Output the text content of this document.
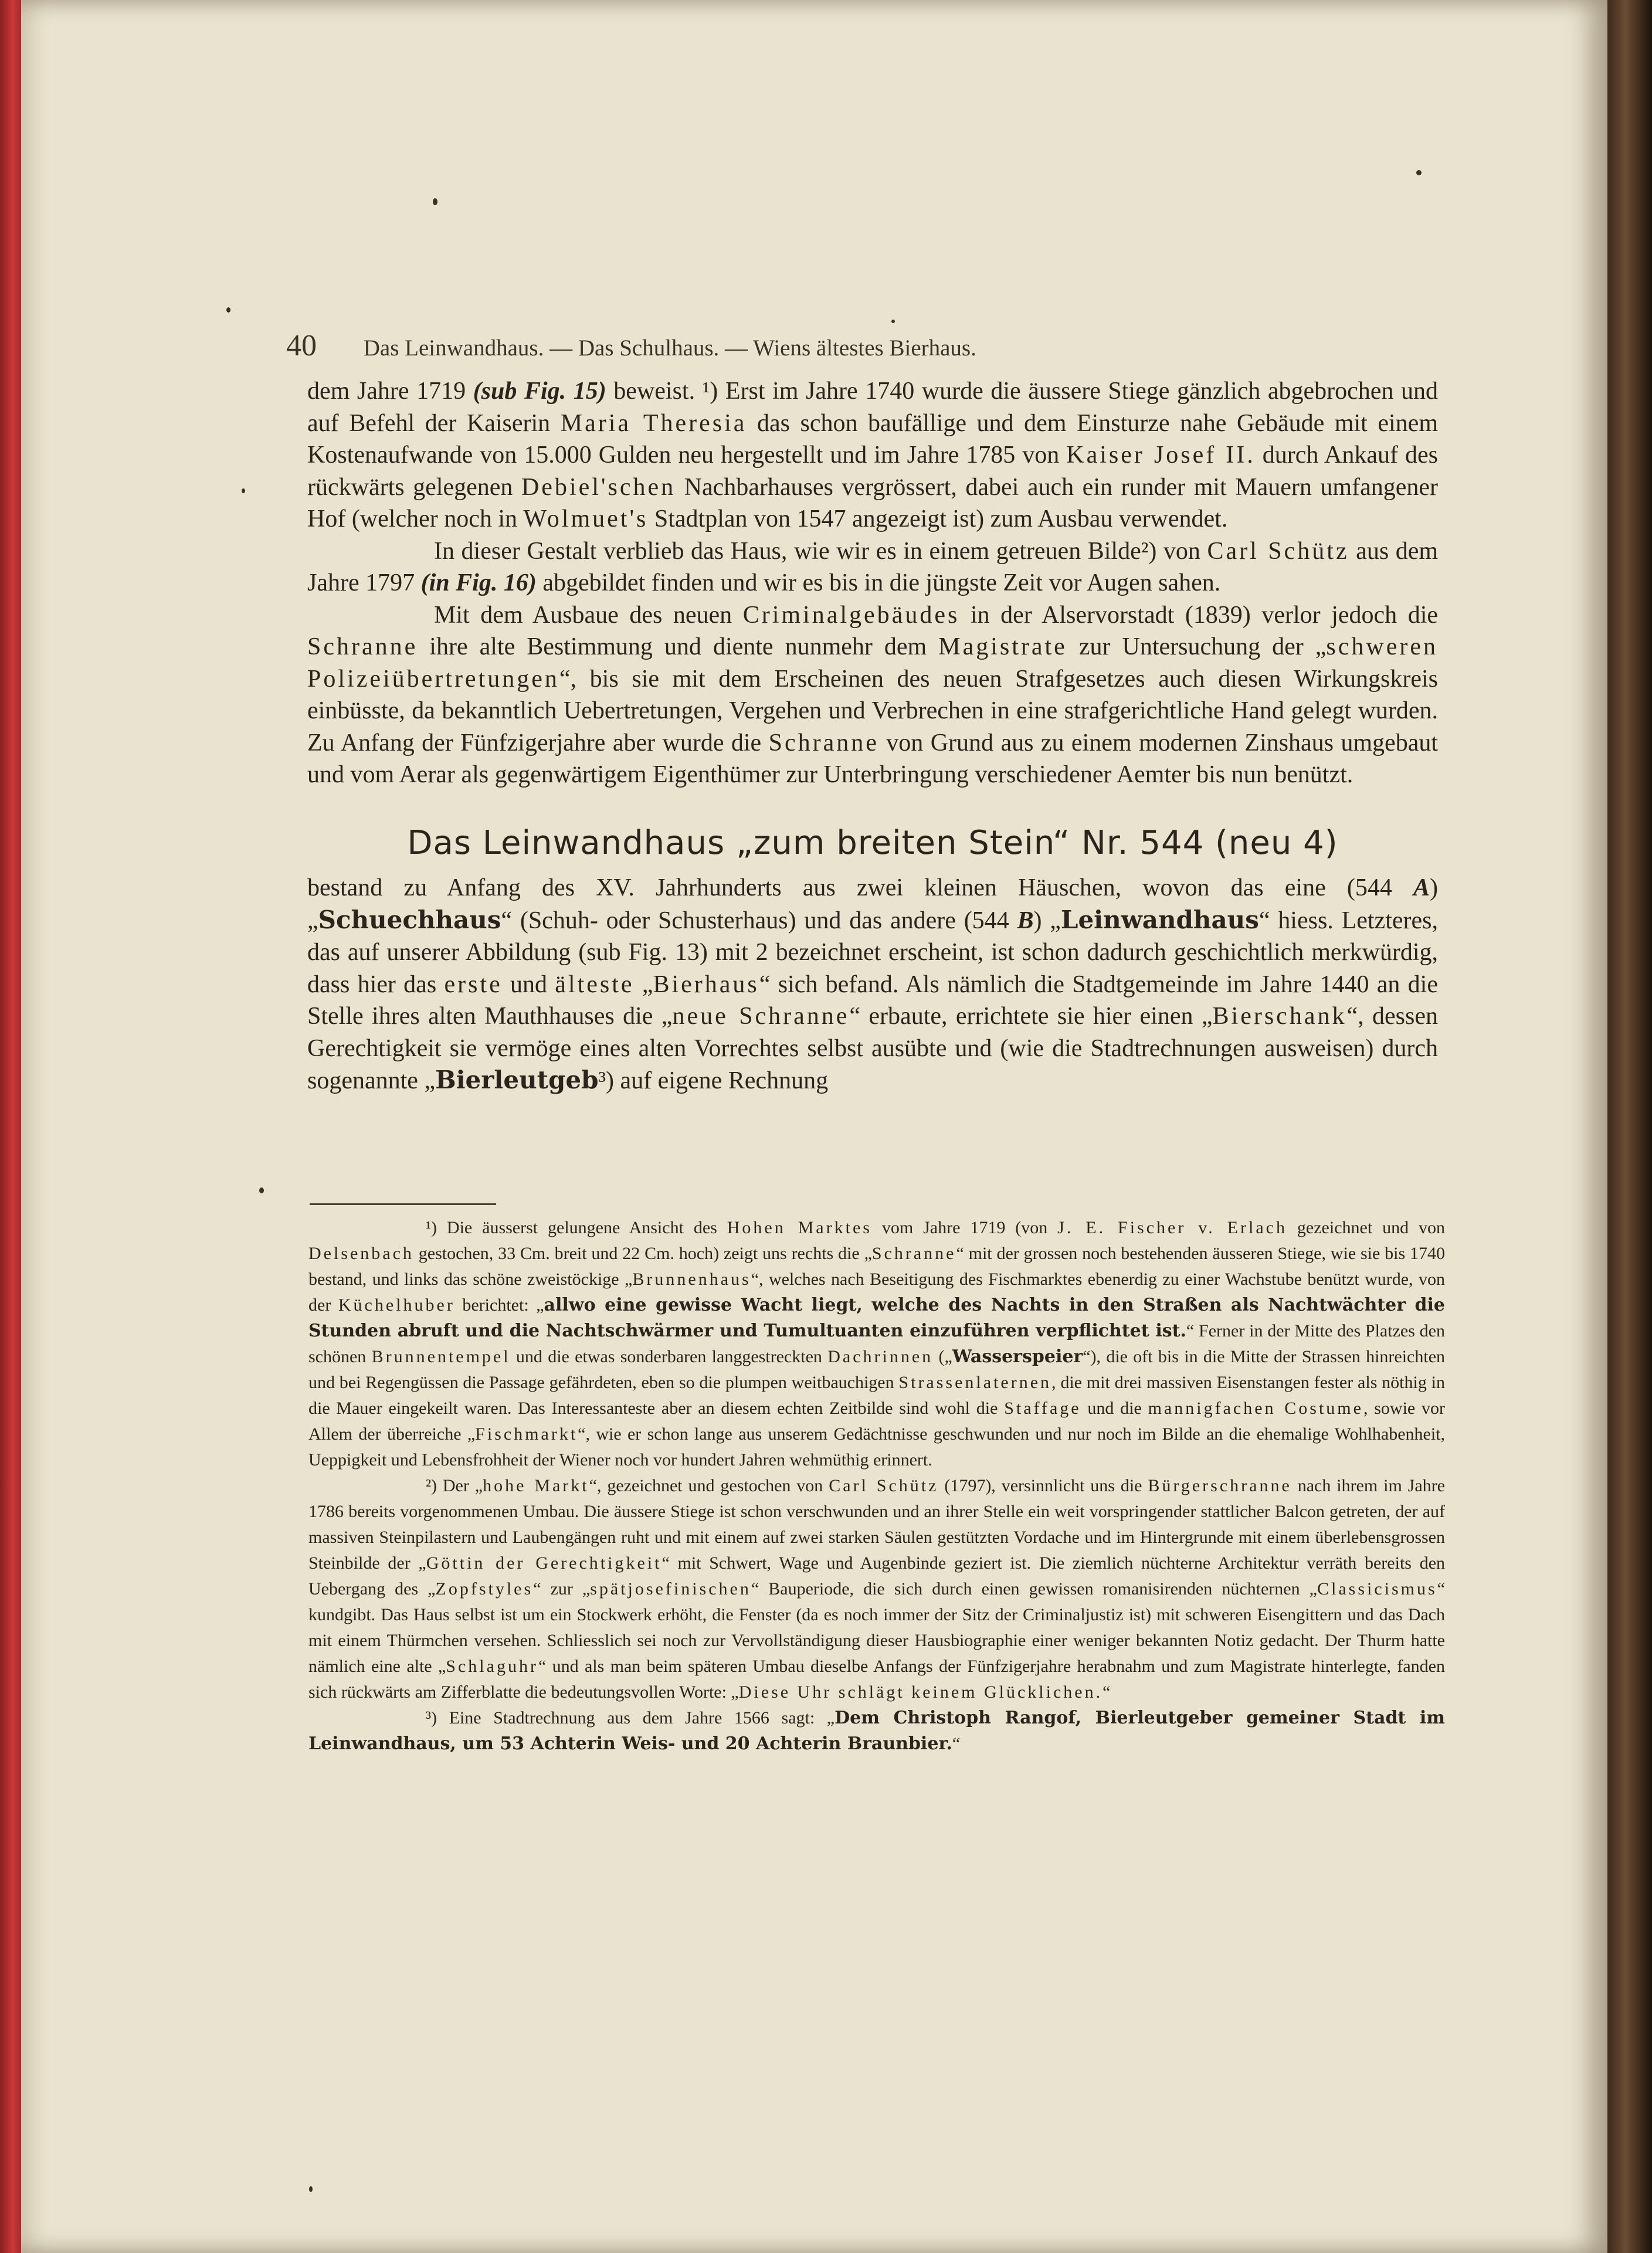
40 Das Leinwandhaus. — Das Schulhaus. — Wiens ältestes Bierhaus.

dem Jahre 1719 (sub Fig. 15) beweist. ¹) Erst im Jahre 1740 wurde die äussere Stiege gänzlich abgebrochen und auf Befehl der Kaiserin Maria Theresia das schon baufällige und dem Einsturze nahe Gebäude mit einem Kostenaufwande von 15.000 Gulden neu hergestellt und im Jahre 1785 von Kaiser Josef II. durch Ankauf des rückwärts gelegenen Debiel'schen Nachbarhauses vergrössert, dabei auch ein runder mit Mauern umfangener Hof (welcher noch in Wolmuet's Stadtplan von 1547 angezeigt ist) zum Ausbau verwendet.

In dieser Gestalt verblieb das Haus, wie wir es in einem getreuen Bilde²) von Carl Schütz aus dem Jahre 1797 (in Fig. 16) abgebildet finden und wir es bis in die jüngste Zeit vor Augen sahen.

Mit dem Ausbaue des neuen Criminalgebäudes in der Alservorstadt (1839) verlor jedoch die Schranne ihre alte Bestimmung und diente nunmehr dem Magistrate zur Untersuchung der „schweren Polizeiübertretungen“, bis sie mit dem Erscheinen des neuen Strafgesetzes auch diesen Wirkungskreis einbüsste, da bekanntlich Uebertretungen, Vergehen und Verbrechen in eine strafgerichtliche Hand gelegt wurden. Zu Anfang der Fünfzigerjahre aber wurde die Schranne von Grund aus zu einem modernen Zinshaus umgebaut und vom Aerar als gegenwärtigem Eigenthümer zur Unterbringung verschiedener Aemter bis nun benützt.

Das Leinwandhaus „zum breiten Stein“ Nr. 544 (neu 4)

bestand zu Anfang des XV. Jahrhunderts aus zwei kleinen Häuschen, wovon das eine (544 A) „Schuechhaus“ (Schuh- oder Schusterhaus) und das andere (544 B) „Leinwandhaus“ hiess. Letzteres, das auf unserer Abbildung (sub Fig. 13) mit 2 bezeichnet erscheint, ist schon dadurch geschichtlich merkwürdig, dass hier das erste und älteste „Bierhaus“ sich befand. Als nämlich die Stadtgemeinde im Jahre 1440 an die Stelle ihres alten Mauthhauses die „neue Schranne“ erbaute, errichtete sie hier einen „Bierschank“, dessen Gerechtigkeit sie vermöge eines alten Vorrechtes selbst ausübte und (wie die Stadtrechnungen ausweisen) durch sogenannte „Bierleutgeb³) auf eigene Rechnung

¹) Die äusserst gelungene Ansicht des Hohen Marktes vom Jahre 1719 (von J. E. Fischer v. Erlach gezeichnet und von Delsenbach gestochen, 33 Cm. breit und 22 Cm. hoch) zeigt uns rechts die „Schranne“ mit der grossen noch bestehenden äusseren Stiege, wie sie bis 1740 bestand, und links das schöne zweistöckige „Brunnenhaus“, welches nach Beseitigung des Fischmarktes ebenerdig zu einer Wachstube benützt wurde, von der Küchelhuber berichtet: „allwo eine gewisse Wacht liegt, welche des Nachts in den Straßen als Nachtwächter die Stunden abruft und die Nachtschwärmer und Tumultuanten einzuführen verpflichtet ist.“ Ferner in der Mitte des Platzes den schönen Brunnentempel und die etwas sonderbaren langgestreckten Dachrinnen („Wasserspeier“), die oft bis in die Mitte der Strassen hinreichten und bei Regengüssen die Passage gefährdeten, eben so die plumpen weitbauchigen Strassenlaternen, die mit drei massiven Eisenstangen fester als nöthig in die Mauer eingekeilt waren. Das Interessanteste aber an diesem echten Zeitbilde sind wohl die Staffage und die mannigfachen Costume, sowie vor Allem der überreiche „Fischmarkt“, wie er schon lange aus unserem Gedächtnisse geschwunden und nur noch im Bilde an die ehemalige Wohlhabenheit, Ueppigkeit und Lebensfrohheit der Wiener noch vor hundert Jahren wehmüthig erinnert.

²) Der „hohe Markt“, gezeichnet und gestochen von Carl Schütz (1797), versinnlicht uns die Bürgerschranne nach ihrem im Jahre 1786 bereits vorgenommenen Umbau. Die äussere Stiege ist schon verschwunden und an ihrer Stelle ein weit vorspringender stattlicher Balcon getreten, der auf massiven Steinpilastern und Laubengängen ruht und mit einem auf zwei starken Säulen gestützten Vordache und im Hintergrunde mit einem überlebensgrossen Steinbilde der „Göttin der Gerechtigkeit“ mit Schwert, Wage und Augenbinde geziert ist. Die ziemlich nüchterne Architektur verräth bereits den Uebergang des „Zopfstyles“ zur „spätjosefinischen“ Bauperiode, die sich durch einen gewissen romanisirenden nüchternen „Classicismus“ kundgibt. Das Haus selbst ist um ein Stockwerk erhöht, die Fenster (da es noch immer der Sitz der Criminaljustiz ist) mit schweren Eisengittern und das Dach mit einem Thürmchen versehen. Schliesslich sei noch zur Vervollständigung dieser Hausbiographie einer weniger bekannten Notiz gedacht. Der Thurm hatte nämlich eine alte „Schlaguhr“ und als man beim späteren Umbau dieselbe Anfangs der Fünfzigerjahre herabnahm und zum Magistrate hinterlegte, fanden sich rückwärts am Zifferblatte die bedeutungsvollen Worte: „Diese Uhr schlägt keinem Glücklichen.“

³) Eine Stadtrechnung aus dem Jahre 1566 sagt: „Dem Christoph Rangof, Bierleutgeber gemeiner Stadt im Leinwandhaus, um 53 Achterin Weis- und 20 Achterin Braunbier.“
